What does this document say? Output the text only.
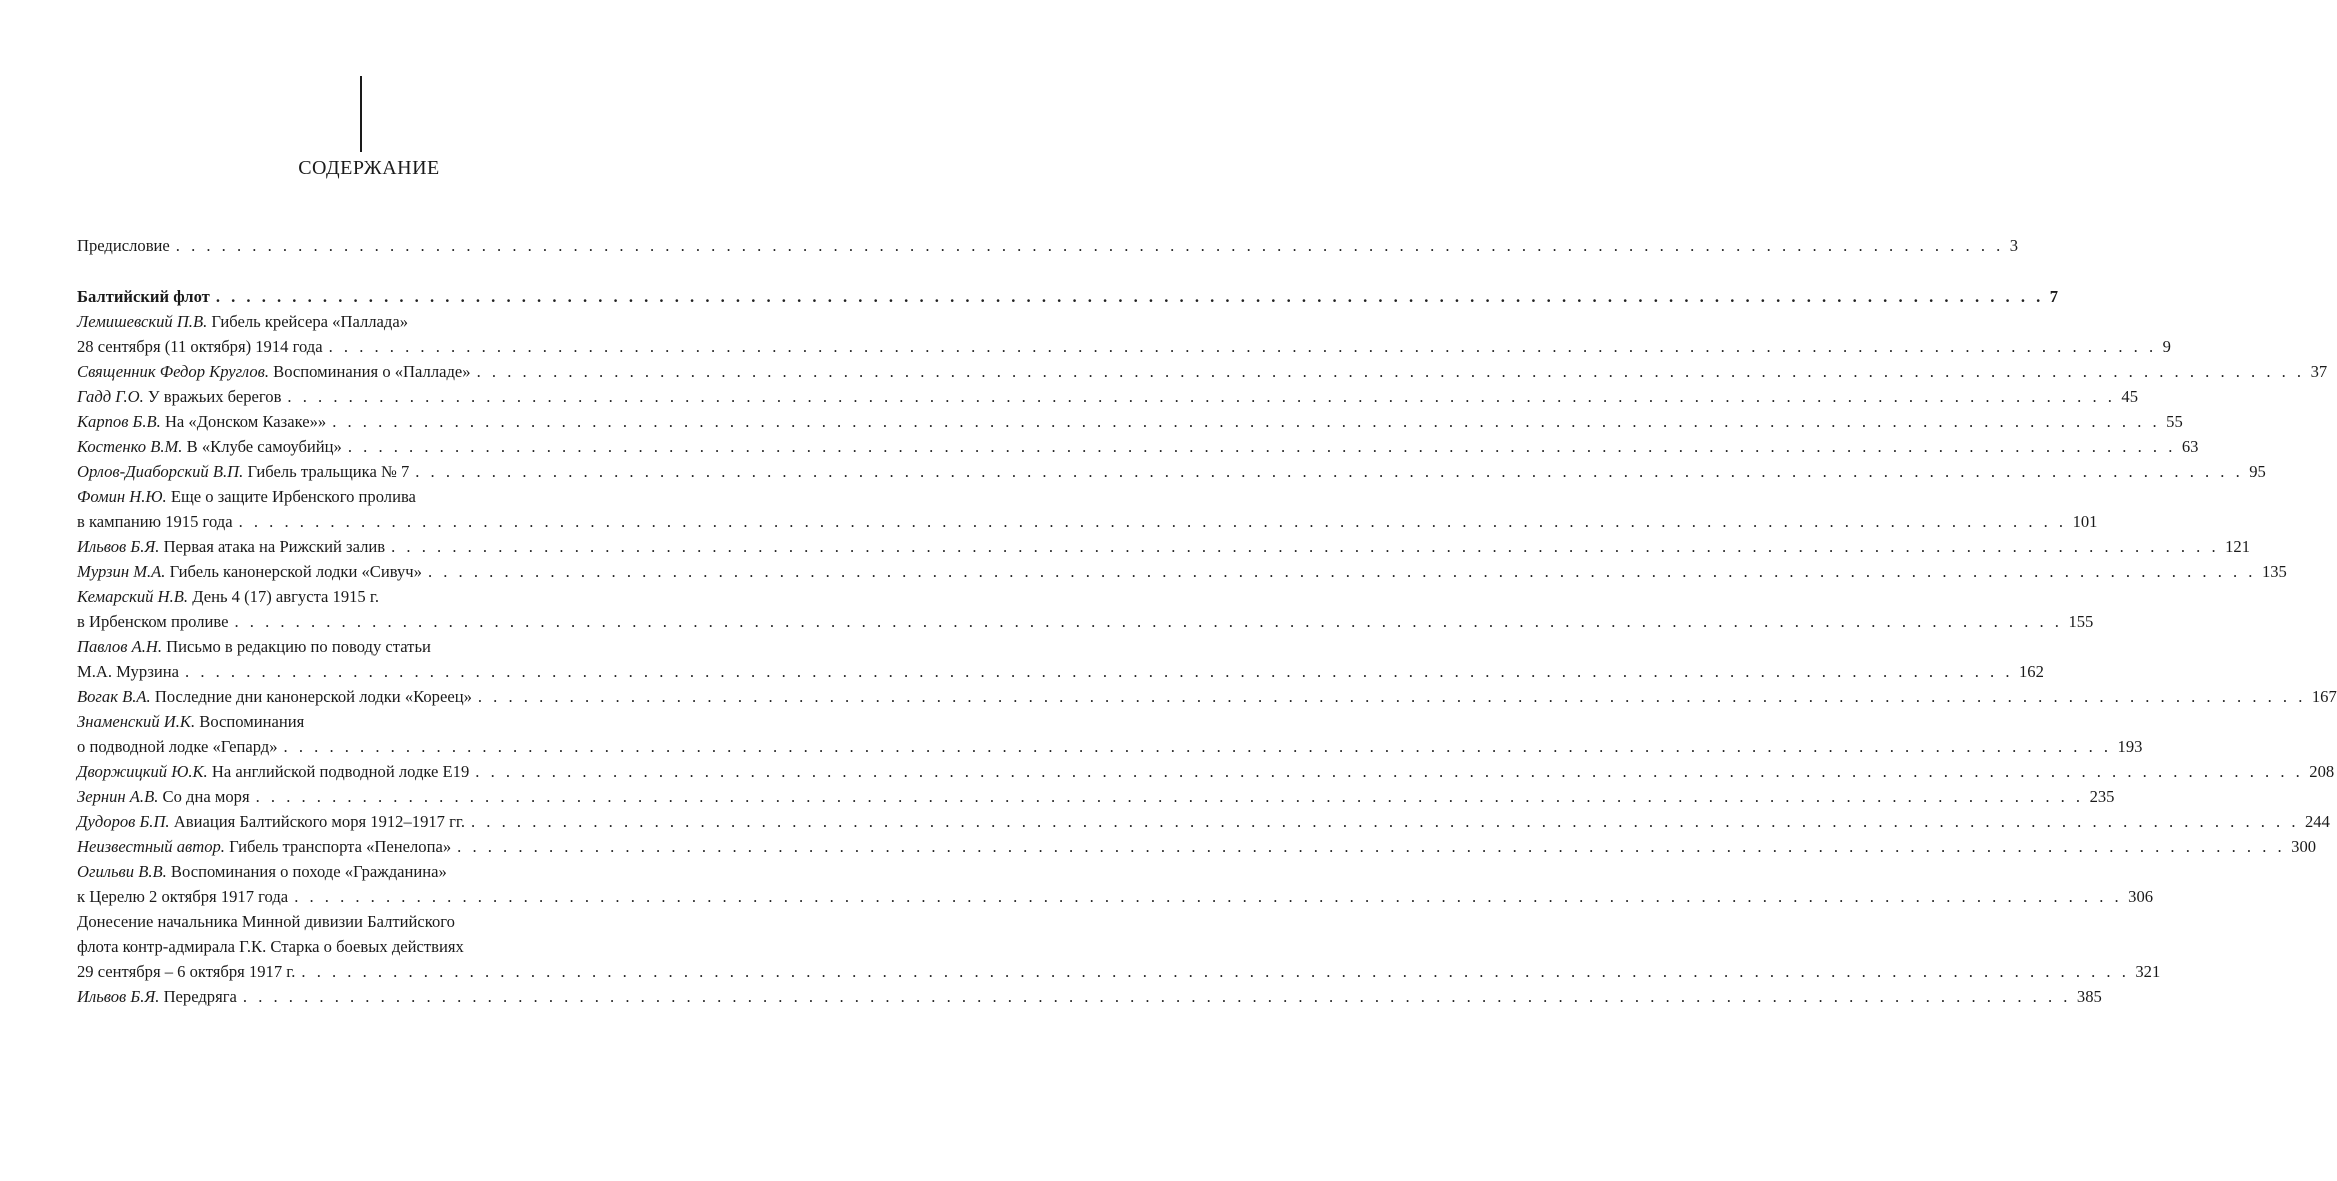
СОДЕРЖАНИЕ
Предисловие . . . . . . . . . . . . . . . . . . . . . . . . . . . . . . . . . . . . . . . . . . . . . . . . . . . . . . . . . . . . . . . . . . . . . . . . . . . . . . . . . . . . . . . . . . . . . . . . . . . . . . . . . . . . . . . . . . . . . . . . 3
Балтийский флот . . . . . . . . . . . . . . . . . . . . . . . . . . . . . . . . . . . . . . . . . . . . . . . . . . . . . . . . . . . . . . . . . . . . . . . . . . . . . . . . . . . . . . . . . . . . . . . . . . . . . . . . . . . . . . . . . . . . . . . . 7
Лемишевский П.В. Гибель крейсера «Паллада»
28 сентября (11 октября) 1914 года . . . . . . . . . . . . . . . . . . . . . . . . . . . . . . . . . . . . . . . . . . . . . . . . . . . . . . . . . . . . . . . . . . . . . . . . . . . . . . . . . . . . . . . . . . . . . . . . . . . . . . . . . . . . . . . . . . . . . . . . 9
Священник Федор Круглов. Воспоминания о «Палладе» . . . . . . . . . . . . . . . . . . . . . . . . . . . . . . . . . . . . . . . . . . . . . . . . . . . . . . . . . . . . . . . . . . . . . . . . . . . . . . . . . . . . . . . . . . . . . . . . . . . . . . . . . . . . . . . . . . . . . . . . 37
Гадд Г.О. У вражьих берегов . . . . . . . . . . . . . . . . . . . . . . . . . . . . . . . . . . . . . . . . . . . . . . . . . . . . . . . . . . . . . . . . . . . . . . . . . . . . . . . . . . . . . . . . . . . . . . . . . . . . . . . . . . . . . . . . . . . . . . . . 45
Карпов Б.В. На «Донском Казаке»» . . . . . . . . . . . . . . . . . . . . . . . . . . . . . . . . . . . . . . . . . . . . . . . . . . . . . . . . . . . . . . . . . . . . . . . . . . . . . . . . . . . . . . . . . . . . . . . . . . . . . . . . . . . . . . . . . . . . . . . . 55
Костенко В.М. В «Клубе самоубийц» . . . . . . . . . . . . . . . . . . . . . . . . . . . . . . . . . . . . . . . . . . . . . . . . . . . . . . . . . . . . . . . . . . . . . . . . . . . . . . . . . . . . . . . . . . . . . . . . . . . . . . . . . . . . . . . . . . . . . . . . 63
Орлов-Диаборский В.П. Гибель тральщика № 7 . . . . . . . . . . . . . . . . . . . . . . . . . . . . . . . . . . . . . . . . . . . . . . . . . . . . . . . . . . . . . . . . . . . . . . . . . . . . . . . . . . . . . . . . . . . . . . . . . . . . . . . . . . . . . . . . . . . . . . . . 95
Фомин Н.Ю. Еще о защите Ирбенского пролива
в кампанию 1915 года . . . . . . . . . . . . . . . . . . . . . . . . . . . . . . . . . . . . . . . . . . . . . . . . . . . . . . . . . . . . . . . . . . . . . . . . . . . . . . . . . . . . . . . . . . . . . . . . . . . . . . . . . . . . . . . . . . . . . . . . 101
Ильвов Б.Я. Первая атака на Рижский залив . . . . . . . . . . . . . . . . . . . . . . . . . . . . . . . . . . . . . . . . . . . . . . . . . . . . . . . . . . . . . . . . . . . . . . . . . . . . . . . . . . . . . . . . . . . . . . . . . . . . . . . . . . . . . . . . . . . . . . . . 121
Мурзин М.А. Гибель канонерской лодки «Сивуч» . . . . . . . . . . . . . . . . . . . . . . . . . . . . . . . . . . . . . . . . . . . . . . . . . . . . . . . . . . . . . . . . . . . . . . . . . . . . . . . . . . . . . . . . . . . . . . . . . . . . . . . . . . . . . . . . . . . . . . . . 135
Кемарский Н.В. День 4 (17) августа 1915 г.
в Ирбенском проливе . . . . . . . . . . . . . . . . . . . . . . . . . . . . . . . . . . . . . . . . . . . . . . . . . . . . . . . . . . . . . . . . . . . . . . . . . . . . . . . . . . . . . . . . . . . . . . . . . . . . . . . . . . . . . . . . . . . . . . . . 155
Павлов А.Н. Письмо в редакцию по поводу статьи
М.А. Мурзина . . . . . . . . . . . . . . . . . . . . . . . . . . . . . . . . . . . . . . . . . . . . . . . . . . . . . . . . . . . . . . . . . . . . . . . . . . . . . . . . . . . . . . . . . . . . . . . . . . . . . . . . . . . . . . . . . . . . . . . . 162
Вогак В.А. Последние дни канонерской лодки «Кореец» . . . . . . . . . . . . . . . . . . . . . . . . . . . . . . . . . . . . . . . . . . . . . . . . . . . . . . . . . . . . . . . . . . . . . . . . . . . . . . . . . . . . . . . . . . . . . . . . . . . . . . . . . . . . . . . . . . . . . . . . 167
Знаменский И.К. Воспоминания
о подводной лодке «Гепард» . . . . . . . . . . . . . . . . . . . . . . . . . . . . . . . . . . . . . . . . . . . . . . . . . . . . . . . . . . . . . . . . . . . . . . . . . . . . . . . . . . . . . . . . . . . . . . . . . . . . . . . . . . . . . . . . . . . . . . . . 193
Дворжицкий Ю.К. На английской подводной лодке Е19 . . . . . . . . . . . . . . . . . . . . . . . . . . . . . . . . . . . . . . . . . . . . . . . . . . . . . . . . . . . . . . . . . . . . . . . . . . . . . . . . . . . . . . . . . . . . . . . . . . . . . . . . . . . . . . . . . . . . . . . . 208
Зернин А.В. Со дна моря . . . . . . . . . . . . . . . . . . . . . . . . . . . . . . . . . . . . . . . . . . . . . . . . . . . . . . . . . . . . . . . . . . . . . . . . . . . . . . . . . . . . . . . . . . . . . . . . . . . . . . . . . . . . . . . . . . . . . . . . 235
Дудоров Б.П. Авиация Балтийского моря 1912–1917 гг. . . . . . . . . . . . . . . . . . . . . . . . . . . . . . . . . . . . . . . . . . . . . . . . . . . . . . . . . . . . . . . . . . . . . . . . . . . . . . . . . . . . . . . . . . . . . . . . . . . . . . . . . . . . . . . . . . . . . . . . . 244
Неизвестный автор. Гибель транспорта «Пенелопа» . . . . . . . . . . . . . . . . . . . . . . . . . . . . . . . . . . . . . . . . . . . . . . . . . . . . . . . . . . . . . . . . . . . . . . . . . . . . . . . . . . . . . . . . . . . . . . . . . . . . . . . . . . . . . . . . . . . . . . . . 300
Огильви В.В. Воспоминания о походе «Гражданина»
к Церелю 2 октября 1917 года . . . . . . . . . . . . . . . . . . . . . . . . . . . . . . . . . . . . . . . . . . . . . . . . . . . . . . . . . . . . . . . . . . . . . . . . . . . . . . . . . . . . . . . . . . . . . . . . . . . . . . . . . . . . . . . . . . . . . . . . 306
Донесение начальника Минной дивизии Балтийского
флота контр-адмирала Г.К. Старка о боевых действиях
29 сентября – 6 октября 1917 г. . . . . . . . . . . . . . . . . . . . . . . . . . . . . . . . . . . . . . . . . . . . . . . . . . . . . . . . . . . . . . . . . . . . . . . . . . . . . . . . . . . . . . . . . . . . . . . . . . . . . . . . . . . . . . . . . . . . . . . . . 321
Ильвов Б.Я. Передряга . . . . . . . . . . . . . . . . . . . . . . . . . . . . . . . . . . . . . . . . . . . . . . . . . . . . . . . . . . . . . . . . . . . . . . . . . . . . . . . . . . . . . . . . . . . . . . . . . . . . . . . . . . . . . . . . . . . . . . . . 385
